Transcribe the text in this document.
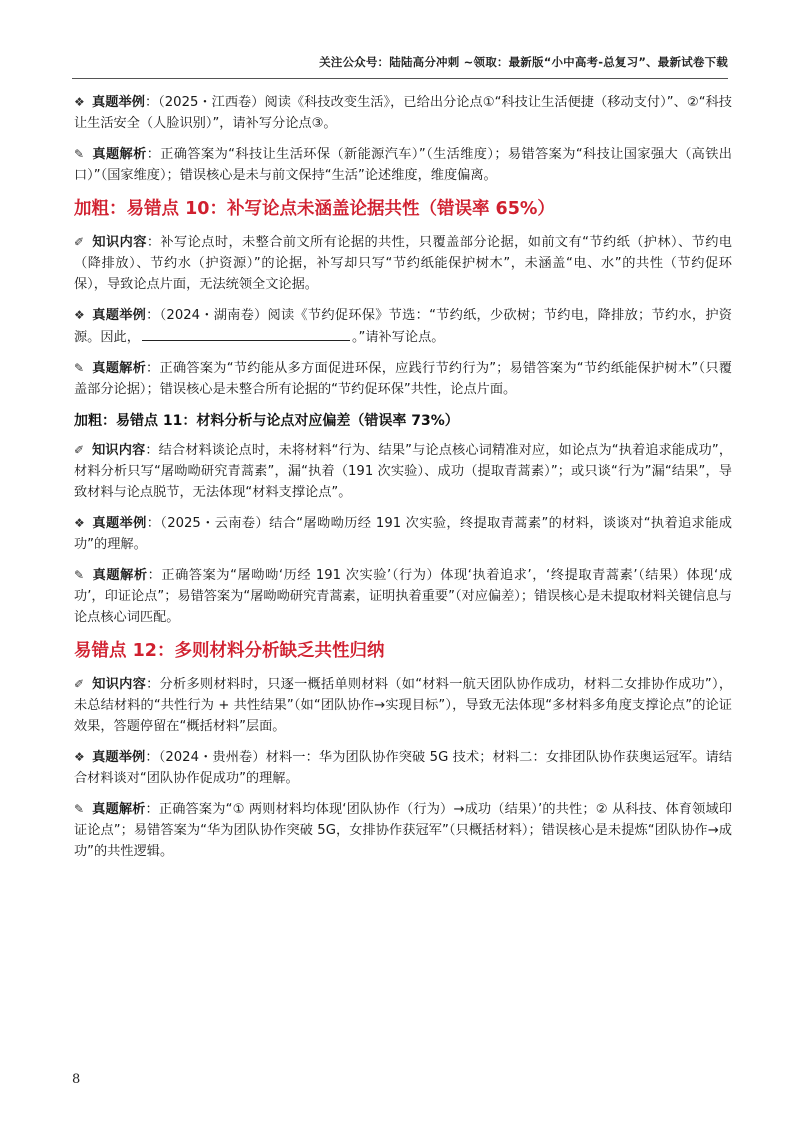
关注公众号：陆陆高分冲刺 ~领取：最新版“小中高考-总复习”、最新试卷下载

❖ 真题举例：（2025・江西卷）阅读《科技改变生活》，已给出分论点①“科技让生活便捷（移动支付）”、②“科技让生活安全（人脸识别）”，请补写分论点③。

✎ 真题解析：正确答案为“科技让生活环保（新能源汽车）”（生活维度）；易错答案为“科技让国家强大（高铁出口）”（国家维度）；错误核心是未与前文保持“生活”论述维度，维度偏离。

加粗：易错点 10：补写论点未涵盖论据共性（错误率 65%）

✐ 知识内容：补写论点时，未整合前文所有论据的共性，只覆盖部分论据，如前文有“节约纸（护林）、节约电（降排放）、节约水（护资源）”的论据，补写却只写“节约纸能保护树木”，未涵盖“电、水”的共性（节约促环保），导致论点片面，无法统领全文论据。

❖ 真题举例：（2024・湖南卷）阅读《节约促环保》节选：“节约纸，少砍树；节约电，降排放；节约水，护资源。因此，	。”请补写论点。

✎ 真题解析：正确答案为“节约能从多方面促进环保，应践行节约行为”；易错答案为“节约纸能保护树木”（只覆盖部分论据）；错误核心是未整合所有论据的“节约促环保”共性，论点片面。

加粗：易错点 11：材料分析与论点对应偏差（错误率 73%）

✐ 知识内容：结合材料谈论点时，未将材料“行为、结果”与论点核心词精准对应，如论点为“执着追求能成功”，材料分析只写“屠呦呦研究青蒿素”，漏“执着（191 次实验）、成功（提取青蒿素）”；或只谈“行为”漏“结果”，导致材料与论点脱节，无法体现“材料支撑论点”。

❖ 真题举例：（2025・云南卷）结合“屠呦呦历经 191 次实验，终提取青蒿素”的材料，谈谈对“执着追求能成功”的理解。

✎ 真题解析：正确答案为“屠呦呦‘历经 191 次实验’（行为）体现‘执着追求’，‘终提取青蒿素’（结果）体现‘成功’，印证论点”；易错答案为“屠呦呦研究青蒿素，证明执着重要”（对应偏差）；错误核心是未提取材料关键信息与论点核心词匹配。

易错点 12：多则材料分析缺乏共性归纳

✐ 知识内容：分析多则材料时，只逐一概括单则材料（如“材料一航天团队协作成功，材料二女排协作成功”），未总结材料的“共性行为 + 共性结果”（如“团队协作→实现目标”），导致无法体现“多材料多角度支撑论点”的论证效果，答题停留在“概括材料”层面。

❖ 真题举例：（2024・贵州卷）材料一：华为团队协作突破 5G 技术；材料二：女排团队协作获奥运冠军。请结合材料谈对“团队协作促成功”的理解。

✎ 真题解析：正确答案为“① 两则材料均体现‘团队协作（行为）→成功（结果）’的共性；② 从科技、体育领域印证论点”；易错答案为“华为团队协作突破 5G，女排协作获冠军”（只概括材料）；错误核心是未提炼“团队协作→成功”的共性逻辑。

8
